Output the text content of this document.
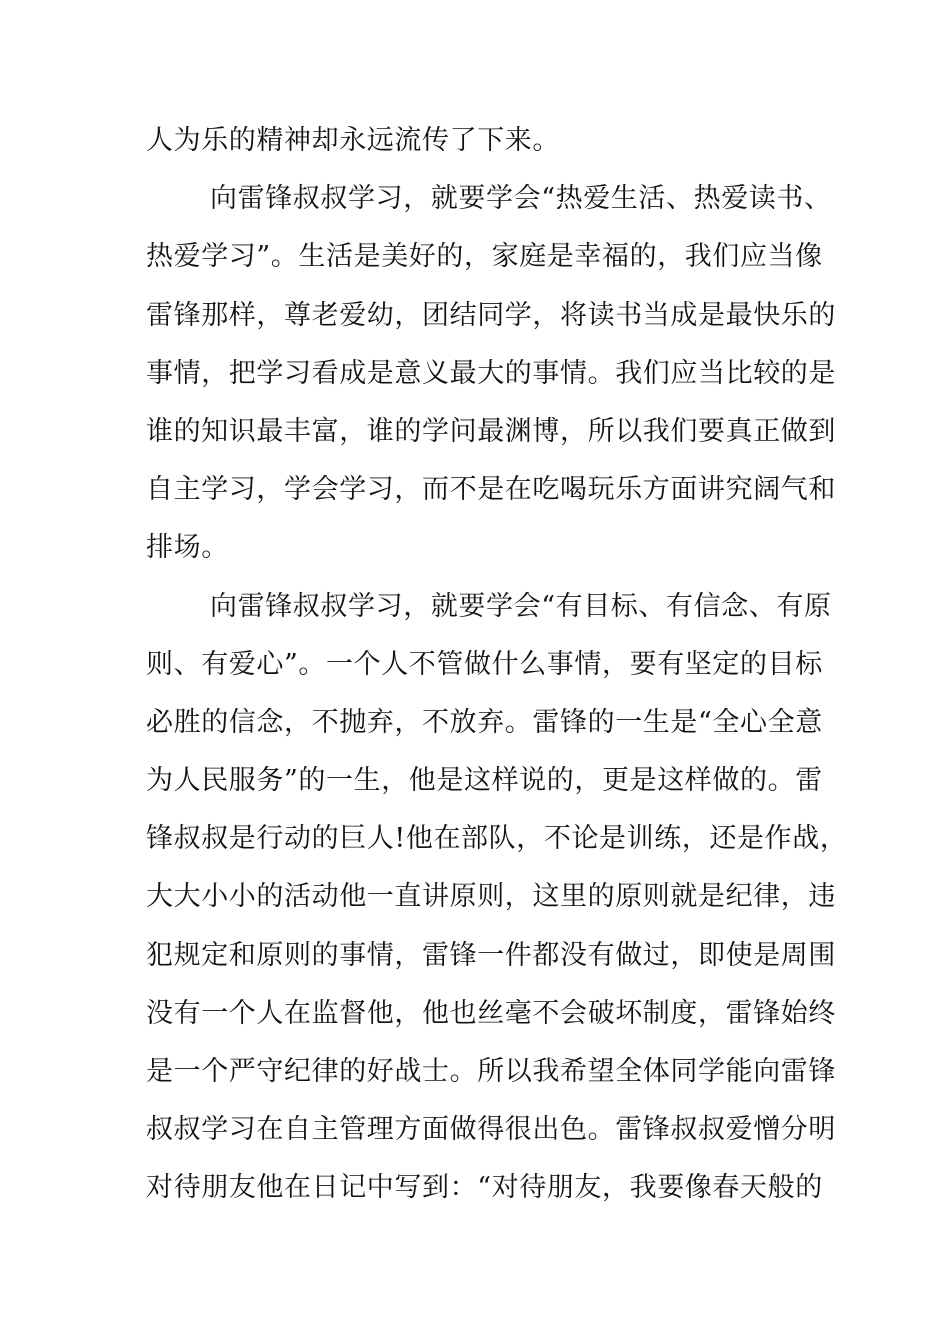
人为乐的精神却永远流传了下来。
向雷锋叔叔学习，就要学会“热爱生活、热爱读书、
热爱学习”。生活是美好的，家庭是幸福的，我们应当像
雷锋那样，尊老爱幼，团结同学，将读书当成是最快乐的
事情，把学习看成是意义最大的事情。我们应当比较的是
谁的知识最丰富，谁的学问最渊博，所以我们要真正做到
自主学习，学会学习，而不是在吃喝玩乐方面讲究阔气和
排场。
向雷锋叔叔学习，就要学会“有目标、有信念、有原
则、有爱心”。一个人不管做什么事情，要有坚定的目标
必胜的信念，不抛弃，不放弃。雷锋的一生是“全心全意
为人民服务”的一生，他是这样说的，更是这样做的。雷
锋叔叔是行动的巨人!他在部队，不论是训练，还是作战，
大大小小的活动他一直讲原则，这里的原则就是纪律，违
犯规定和原则的事情，雷锋一件都没有做过，即使是周围
没有一个人在监督他，他也丝毫不会破坏制度，雷锋始终
是一个严守纪律的好战士。所以我希望全体同学能向雷锋
叔叔学习在自主管理方面做得很出色。雷锋叔叔爱憎分明
对待朋友他在日记中写到：“对待朋友，我要像春天般的
